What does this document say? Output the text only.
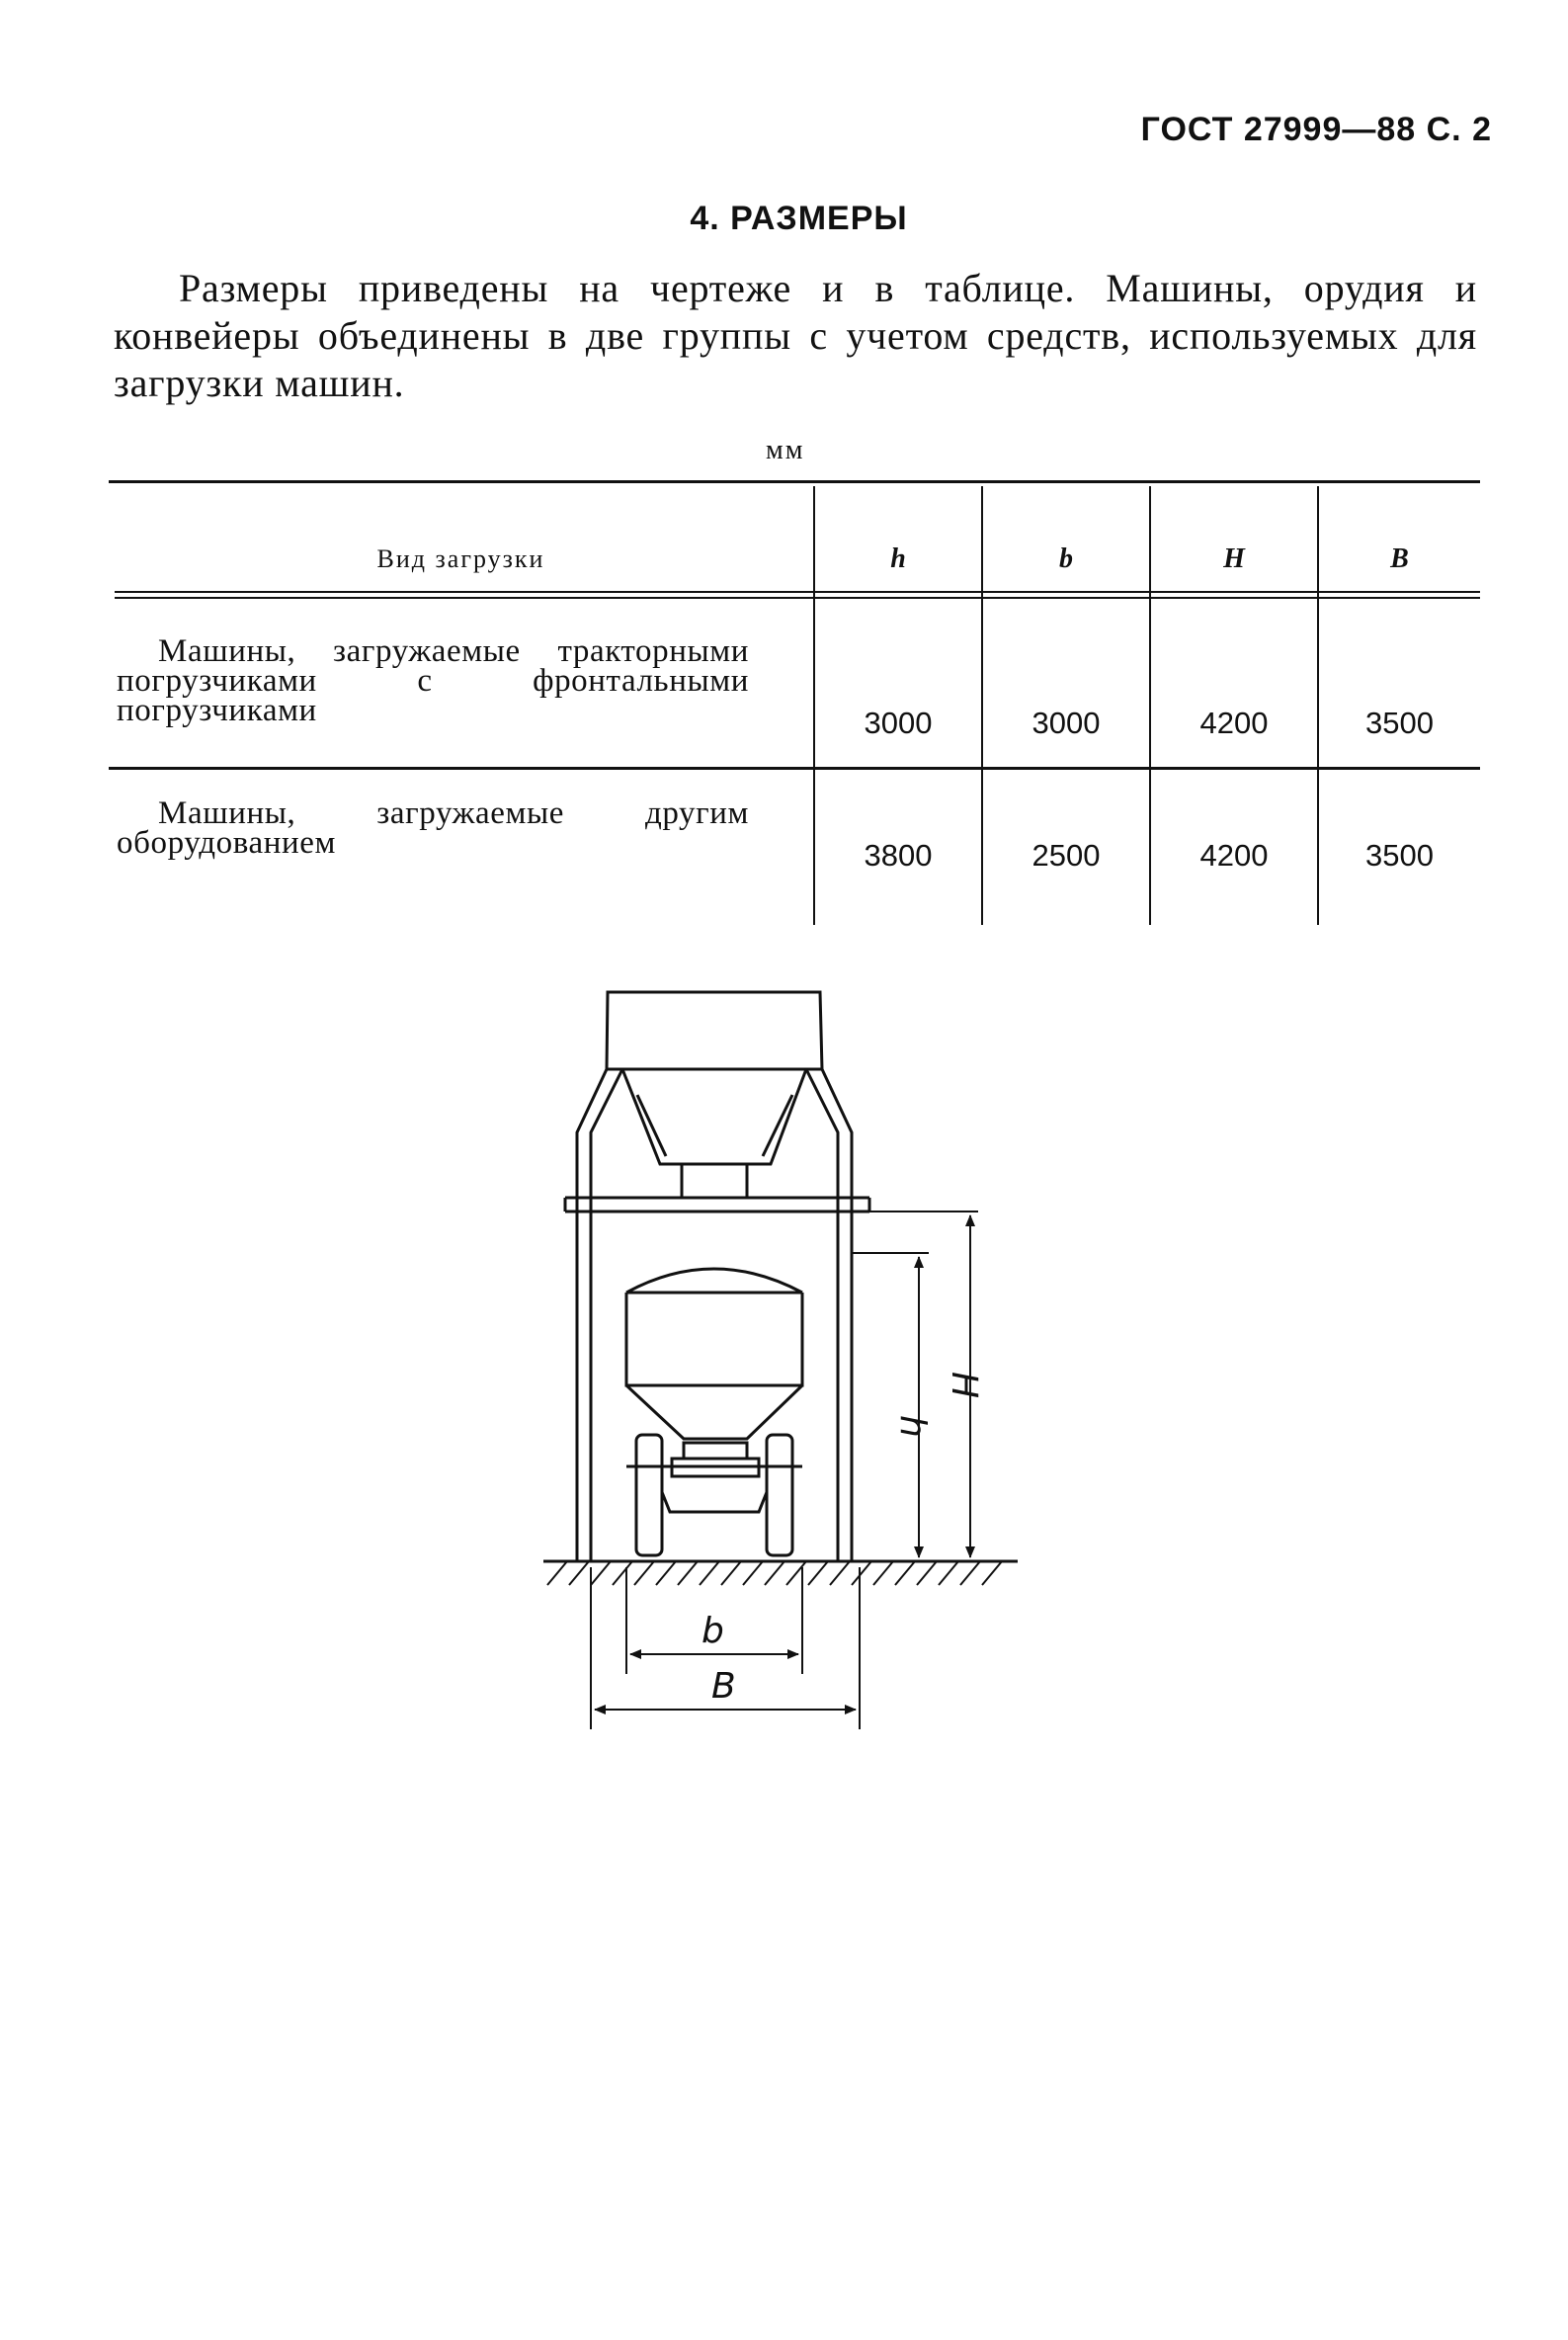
ГОСТ 27999—88 С. 2
4. РАЗМЕРЫ
Размеры приведены на чертеже и в таблице. Машины, орудия и конвейеры объединены в две группы с учетом средств, используемых для загрузки машин.
мм
Вид загрузки	h	b	H	B
Машины, загружаемые тракторными погрузчиками с фронтальными погрузчиками	3000	3000	4200	3500
Машины, загружаемые другим оборудованием	3800	2500	4200	3500
h
H
b
B
